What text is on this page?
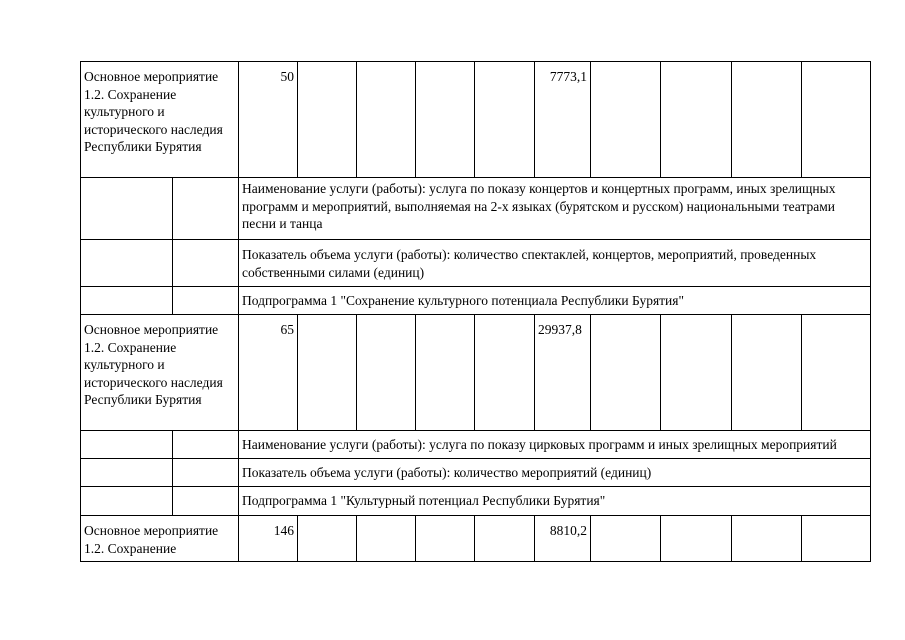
Основное мероприятие 1.2. Сохранение культурного и исторического наследия Республики Бурятия		50					7773,1				
		Наименование услуги (работы): услуга по показу концертов и концертных программ, иных зрелищных программ и мероприятий, выполняемая на 2-х языках (бурятском и русском) национальными театрами песни и танца									
		Показатель объема услуги (работы): количество спектаклей, концертов, мероприятий, проведенных собственными силами (единиц)									
		Подпрограмма 1 "Сохранение культурного потенциала Республики Бурятия"									
Основное мероприятие 1.2. Сохранение культурного и исторического наследия Республики Бурятия		65					29937,8				
		Наименование услуги (работы): услуга по показу цирковых программ и иных зрелищных мероприятий									
		Показатель объема услуги (работы): количество мероприятий (единиц)									
		Подпрограмма 1 "Культурный потенциал Республики Бурятия"									
Основное мероприятие 1.2. Сохранение		146					8810,2				
